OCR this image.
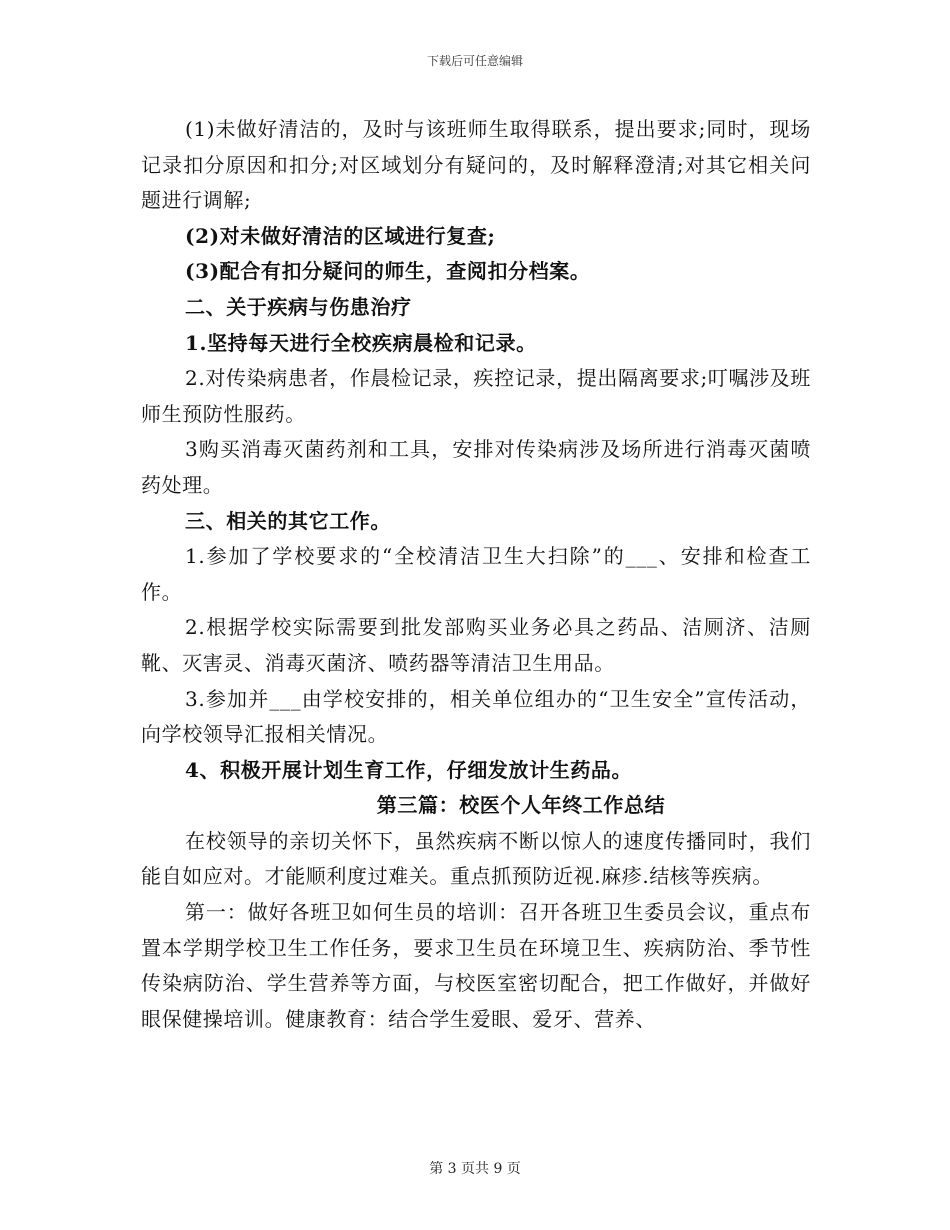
下载后可任意编辑

(1)未做好清洁的，及时与该班师生取得联系，提出要求;同时，现场记录扣分原因和扣分;对区域划分有疑问的，及时解释澄清;对其它相关问题进行调解;

(2)对未做好清洁的区域进行复查;

(3)配合有扣分疑问的师生，查阅扣分档案。

二、关于疾病与伤患治疗

1.坚持每天进行全校疾病晨检和记录。

2.对传染病患者，作晨检记录，疾控记录，提出隔离要求;叮嘱涉及班师生预防性服药。

3购买消毒灭菌药剂和工具，安排对传染病涉及场所进行消毒灭菌喷药处理。

三、相关的其它工作。

1.参加了学校要求的“全校清洁卫生大扫除”的___、安排和检查工作。

2.根据学校实际需要到批发部购买业务必具之药品、洁厕济、洁厕靴、灭害灵、消毒灭菌济、喷药器等清洁卫生用品。

3.参加并___由学校安排的，相关单位组办的“卫生安全”宣传活动，向学校领导汇报相关情况。

4、积极开展计划生育工作，仔细发放计生药品。

第三篇：校医个人年终工作总结

在校领导的亲切关怀下，虽然疾病不断以惊人的速度传播同时，我们能自如应对。才能顺利度过难关。重点抓预防近视.麻疹.结核等疾病。

第一：做好各班卫如何生员的培训：召开各班卫生委员会议，重点布置本学期学校卫生工作任务，要求卫生员在环境卫生、疾病防治、季节性传染病防治、学生营养等方面，与校医室密切配合，把工作做好，并做好眼保健操培训。健康教育：结合学生爱眼、爱牙、营养、

第 3 页共 9 页
